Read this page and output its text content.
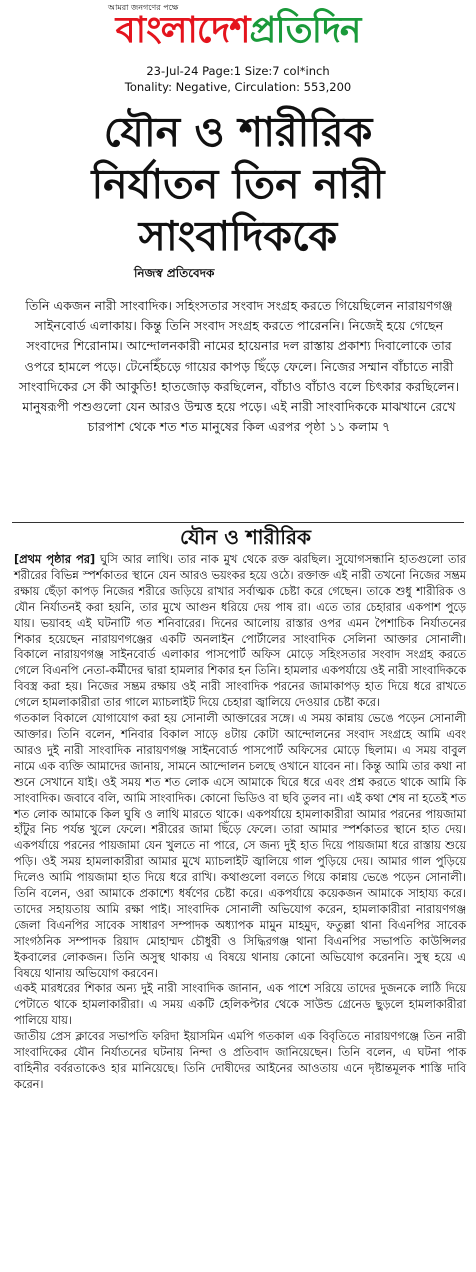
আমরা জনগণের পক্ষে
বাংলাদেশপ্রতিদিন
23-Jul-24 Page:1 Size:7 col*inch
Tonality: Negative, Circulation: 553,200
যৌন ও শারীরিক
নির্যাতন তিন নারী
সাংবাদিককে
নিজস্ব প্রতিবেদক

তিনি একজন নারী সাংবাদিক। সহিংসতার সংবাদ সংগ্রহ করতে গিয়েছিলেন নারায়ণগঞ্জ সাইনবোর্ড এলাকায়। কিন্তু তিনি সংবাদ সংগ্রহ করতে পারেননি। নিজেই হয়ে গেছেন সংবাদের শিরোনাম। আন্দোলনকারী নামের হায়েনার দল রাস্তায় প্রকাশ্য দিবালোকে তার ওপরে হামলে পড়ে। টেনেহিঁচড়ে গায়ের কাপড় ছিঁড়ে ফেলে। নিজের সম্মান বাঁচাতে নারী সাংবাদিকের সে কী আকুতি! হাতজোড় করছিলেন, বাঁচাও বাঁচাও বলে চিৎকার করছিলেন। মানুষরূপী পশুগুলো যেন আরও উন্মত্ত হয়ে পড়ে। এই নারী সাংবাদিককে মাঝখানে রেখে চারপাশ থেকে শত শত মানুষের কিল এরপর পৃষ্ঠা ১১ কলাম ৭

যৌন ও শারীরিক

[প্রথম পৃষ্ঠার পর] ঘুসি আর লাথি। তার নাক মুখ থেকে রক্ত ঝরছিল। সুযোগসন্ধানি হাতগুলো তার শরীরের বিভিন্ন স্পর্শকাতর স্থানে যেন আরও ভয়ংকর হয়ে ওঠে। রক্তাক্ত এই নারী তখনো নিজের সম্ভ্রম রক্ষায় ছেঁড়া কাপড় নিজের শরীরে জড়িয়ে রাখার সর্বাত্মক চেষ্টা করে গেছেন। তাকে শুধু শারীরিক ও যৌন নির্যাতনই করা হয়নি, তার মুখে আগুন ধরিয়ে দেয় পাষ রা। এতে তার চেহারার একপাশ পুড়ে যায়। ভয়াবহ এই ঘটনাটি গত শনিবারের। দিনের আলোয় রাস্তার ওপর এমন পৈশাচিক নির্যাতনের শিকার হয়েছেন নারায়ণগঞ্জের একটি অনলাইন পোর্টালের সাংবাদিক সেলিনা আক্তার সোনালী। বিকালে নারায়ণগঞ্জ সাইনবোর্ড এলাকার পাসপোর্ট অফিস মোড়ে সহিংসতার সংবাদ সংগ্রহ করতে গেলে বিএনপি নেতা-কর্মীদের দ্বারা হামলার শিকার হন তিনি। হামলার একপর্যায়ে ওই নারী সাংবাদিককে বিবস্ত্র করা হয়। নিজের সম্ভ্রম রক্ষায় ওই নারী সাংবাদিক পরনের জামাকাপড় হাত দিয়ে ধরে রাখতে গেলে হামলাকারীরা তার গালে ম্যাচলাইট দিয়ে চেহারা জ্বালিয়ে দেওয়ার চেষ্টা করে।

গতকাল বিকালে যোগাযোগ করা হয় সোনালী আক্তারের সঙ্গে। এ সময় কান্নায় ভেঙে পড়েন সোনালী আক্তার। তিনি বলেন, শনিবার বিকাল সাড়ে ৪টায় কোটা আন্দোলনের সংবাদ সংগ্রহে আমি এবং আরও দুই নারী সাংবাদিক নারায়ণগঞ্জ সাইনবোর্ড পাসপোর্ট অফিসের মোড়ে ছিলাম। এ সময় বাবুল নামে এক ব্যক্তি আমাদের জানায়, সামনে আন্দোলন চলছে ওখানে যাবেন না। কিন্তু আমি তার কথা না শুনে সেখানে যাই। ওই সময় শত শত লোক এসে আমাকে ঘিরে ধরে এবং প্রশ্ন করতে থাকে আমি কি সাংবাদিক। জবাবে বলি, আমি সাংবাদিক। কোনো ভিডিও বা ছবি তুলব না। এই কথা শেষ না হতেই শত শত লোক আমাকে কিল ঘুষি ও লাথি মারতে থাকে। একপর্যায়ে হামলাকারীরা আমার পরনের পায়জামা হাঁটুর নিচ পর্যন্ত খুলে ফেলে। শরীরের জামা ছিঁড়ে ফেলে। তারা আমার স্পর্শকাতর স্থানে হাত দেয়। একপর্যায়ে পরনের পায়জামা যেন খুলতে না পারে, সে জন্য দুই হাত দিয়ে পায়জামা ধরে রাস্তায় শুয়ে পড়ি। ওই সময় হামলাকারীরা আমার মুখে ম্যাচলাইট জ্বালিয়ে গাল পুড়িয়ে দেয়। আমার গাল পুড়িয়ে দিলেও আমি পায়জামা হাত দিয়ে ধরে রাখি। কথাগুলো বলতে গিয়ে কান্নায় ভেঙে পড়েন সোনালী। তিনি বলেন, ওরা আমাকে প্রকাশ্যে ধর্ষণের চেষ্টা করে। একপর্যায়ে কয়েকজন আমাকে সাহায্য করে। তাদের সহায়তায় আমি রক্ষা পাই। সাংবাদিক সোনালী অভিযোগ করেন, হামলাকারীরা নারায়ণগঞ্জ জেলা বিএনপির সাবেক সাধারণ সম্পাদক অধ্যাপক মামুন মাহমুদ, ফতুল্লা থানা বিএনপির সাবেক সাংগঠনিক সম্পাদক রিয়াদ মোহাম্মদ চৌধুরী ও সিদ্ধিরগঞ্জ থানা বিএনপির সভাপতি কাউন্সিলর ইকবালের লোকজন। তিনি অসুস্থ থাকায় এ বিষয়ে থানায় কোনো অভিযোগ করেননি। সুস্থ হয়ে এ বিষয়ে থানায় অভিযোগ করবেন।

একই মারধরের শিকার অন্য দুই নারী সাংবাদিক জানান, এক পাশে সরিয়ে তাদের দুজনকে লাঠি দিয়ে পেটাতে থাকে হামলাকারীরা। এ সময় একটি হেলিকপ্টার থেকে সাউন্ড গ্রেনেড ছুড়লে হামলাকারীরা পালিয়ে যায়।

জাতীয় প্রেস ক্লাবের সভাপতি ফরিদা ইয়াসমিন এমপি গতকাল এক বিবৃতিতে নারায়ণগঞ্জে তিন নারী সাংবাদিকের যৌন নির্যাতনের ঘটনায় নিন্দা ও প্রতিবাদ জানিয়েছেন। তিনি বলেন, এ ঘটনা পাক বাহিনীর বর্বরতাকেও হার মানিয়েছে। তিনি দোষীদের আইনের আওতায় এনে দৃষ্টান্তমূলক শাস্তি দাবি করেন।
